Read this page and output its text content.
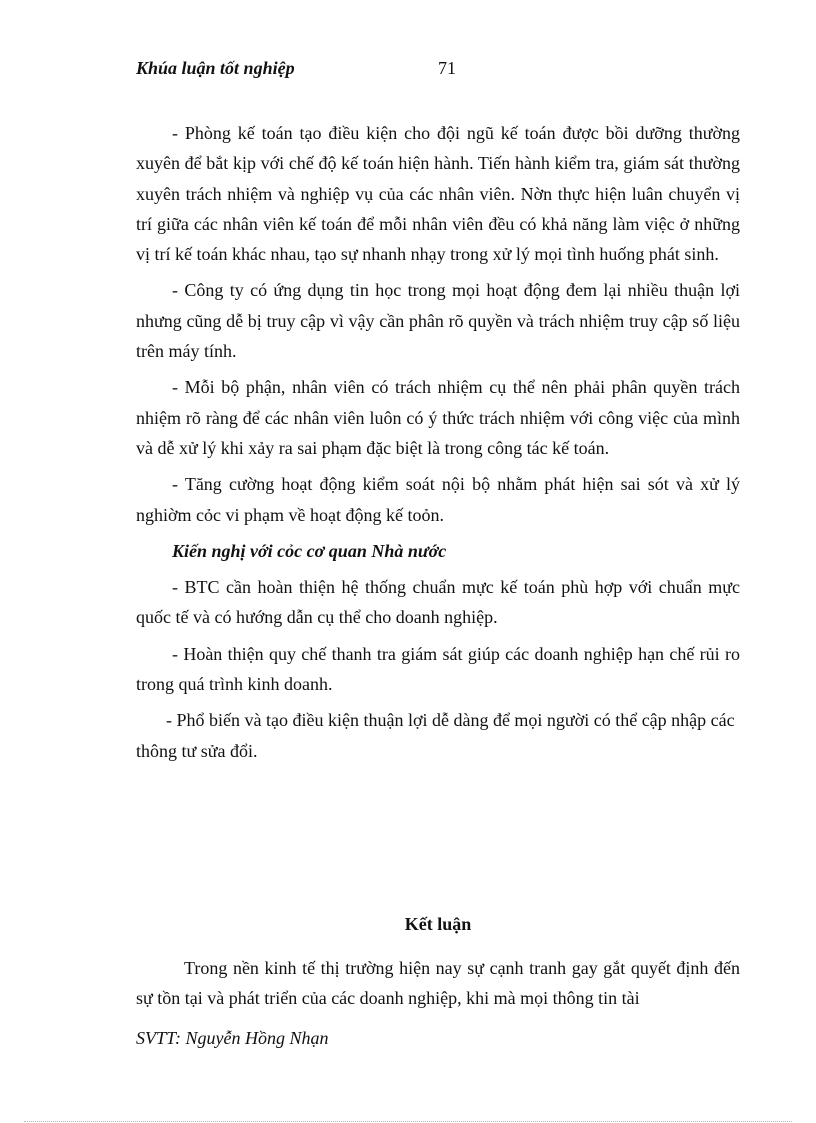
Khúa luận tốt nghiệp	71

- Phòng kế toán tạo điều kiện cho đội ngũ kế toán được bồi dưỡng thường xuyên để bắt kịp với chế độ kế toán hiện hành. Tiến hành kiểm tra, giám sát thường xuyên trách nhiệm và nghiệp vụ của các nhân viên. Nờn thực hiện luân chuyển vị trí giữa các nhân viên kế toán để mỗi nhân viên đều có khả năng làm việc ở những vị trí kế toán khác nhau, tạo sự nhanh nhạy trong xử lý mọi tình huống phát sinh.

- Công ty có ứng dụng tin học trong mọi hoạt động đem lại nhiều thuận lợi nhưng cũng dễ bị truy cập vì vậy cần phân rõ quyền và trách nhiệm truy cập số liệu trên máy tính.

- Mỗi bộ phận, nhân viên có trách nhiệm cụ thể nên phải phân quyền trách nhiệm rõ ràng để các nhân viên luôn có ý thức trách nhiệm với công việc của mình và dễ xử lý khi xảy ra sai phạm đặc biệt là trong công tác kế toán.

- Tăng cường hoạt động kiểm soát nội bộ nhằm phát hiện sai sót và xử lý nghiờm cỏc vi phạm về hoạt động kế toỏn.

Kiến nghị với cỏc cơ quan Nhà nước

- BTC cần hoàn thiện hệ thống chuẩn mực kế toán phù hợp với chuẩn mực quốc tế và có hướng dẫn cụ thể cho doanh nghiệp.

- Hoàn thiện quy chế thanh tra giám sát giúp các doanh nghiệp hạn chế rủi ro trong quá trình kinh doanh.

- Phổ biến và tạo điều kiện thuận lợi dễ dàng để mọi người có thể cập nhập các thông tư sửa đổi.

Kết luận

Trong nền kinh tế thị trường hiện nay sự cạnh tranh gay gắt quyết định đến sự tồn tại và phát triển của các doanh nghiệp, khi mà mọi thông tin tài

SVTT: Nguyễn Hồng Nhạn
